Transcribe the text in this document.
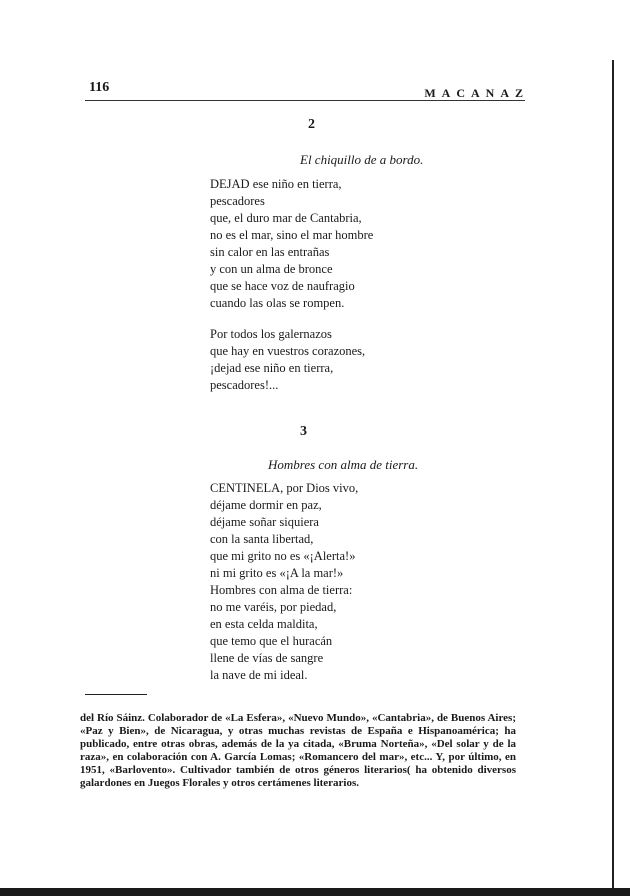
116	MACANAZ
2
El chiquillo de a bordo.
DEJAD ese niño en tierra,
pescadores
que, el duro mar de Cantabria,
no es el mar, sino el mar hombre
sin calor en las entrañas
y con un alma de bronce
que se hace voz de naufragio
cuando las olas se rompen.
Por todos los galernazos
que hay en vuestros corazones,
¡dejad ese niño en tierra,
pescadores!...
3
Hombres con alma de tierra.
CENTINELA, por Dios vivo,
déjame dormir en paz,
déjame soñar siquiera
con la santa libertad,
que mi grito no es «¡Alerta!»
ni mi grito es «¡A la mar!»
Hombres con alma de tierra:
no me varéis, por piedad,
en esta celda maldita,
que temo que el huracán
llene de vías de sangre
la nave de mi ideal.
del Río Sáinz. Colaborador de «La Esfera», «Nuevo Mundo», «Cantabria», de Buenos Aires; «Paz y Bien», de Nicaragua, y otras muchas revistas de España e Hispanoamérica; ha publicado, entre otras obras, además de la ya citada, «Bruma Norteña», «Del solar y de la raza», en colaboración con A. García Lomas; «Romancero del mar», etc... Y, por último, en 1951, «Barlovento». Cultivador también de otros géneros literarios( ha obtenido diversos galardones en Juegos Florales y otros certámenes literarios.
